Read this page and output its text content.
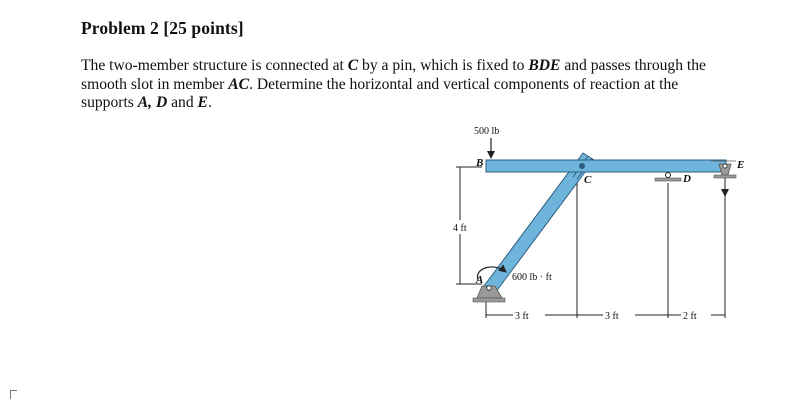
Problem 2 [25 points]

The two-member structure is connected at C by a pin, which is fixed to BDE and passes through the smooth slot in member AC. Determine the horizontal and vertical components of reaction at the supports A, D and E.

500 lb
600 lb · ft
4 ft
3 ft	3 ft	2 ft
B
C	D
E
A
